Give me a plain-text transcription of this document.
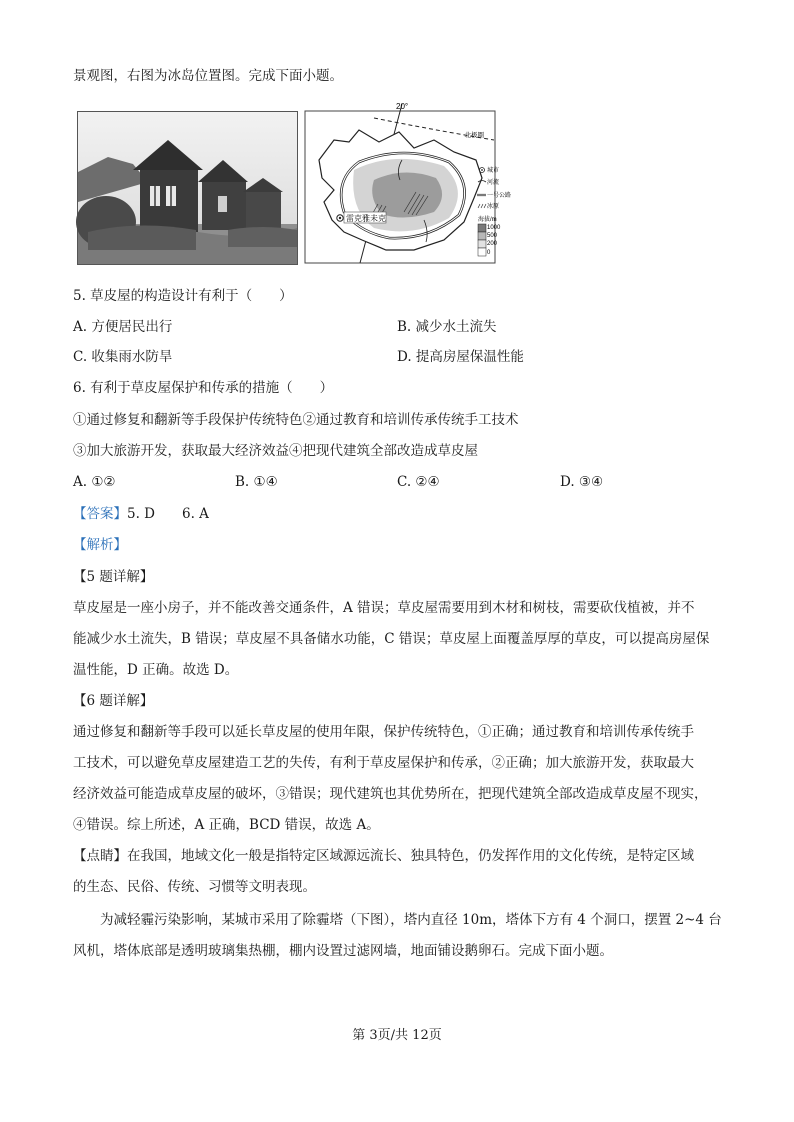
景观图，右图为冰岛位置图。完成下面小题。
20°
北极圈
雷克雅未克
城市
河流
一号公路
冰原
海拔/m
1000
500
200
0
5. 草皮屋的构造设计有利于（　　）
A. 方便居民出行	B. 减少水土流失
C. 收集雨水防旱	D. 提高房屋保温性能
6. 有利于草皮屋保护和传承的措施（　　）
①通过修复和翻新等手段保护传统特色②通过教育和培训传承传统手工技术
③加大旅游开发，获取最大经济效益④把现代建筑全部改造成草皮屋
A. ①②	B. ①④	C. ②④	D. ③④
【答案】5. D　　6. A
【解析】
【5 题详解】
草皮屋是一座小房子，并不能改善交通条件，A 错误；草皮屋需要用到木材和树枝，需要砍伐植被，并不
能减少水土流失，B 错误；草皮屋不具备储水功能，C 错误；草皮屋上面覆盖厚厚的草皮，可以提高房屋保
温性能，D 正确。故选 D。
【6 题详解】
通过修复和翻新等手段可以延长草皮屋的使用年限，保护传统特色，①正确；通过教育和培训传承传统手
工技术，可以避免草皮屋建造工艺的失传，有利于草皮屋保护和传承，②正确；加大旅游开发，获取最大
经济效益可能造成草皮屋的破坏，③错误；现代建筑也其优势所在，把现代建筑全部改造成草皮屋不现实，
④错误。综上所述，A 正确，BCD 错误，故选 A。
【点睛】在我国，地域文化一般是指特定区域源远流长、独具特色，仍发挥作用的文化传统，是特定区域
的生态、民俗、传统、习惯等文明表现。
　　为减轻霾污染影响，某城市采用了除霾塔（下图），塔内直径 10m，塔体下方有 4 个洞口，摆置 2~4 台
风机，塔体底部是透明玻璃集热棚，棚内设置过滤网墙，地面铺设鹅卵石。完成下面小题。
第 3页/共 12页
